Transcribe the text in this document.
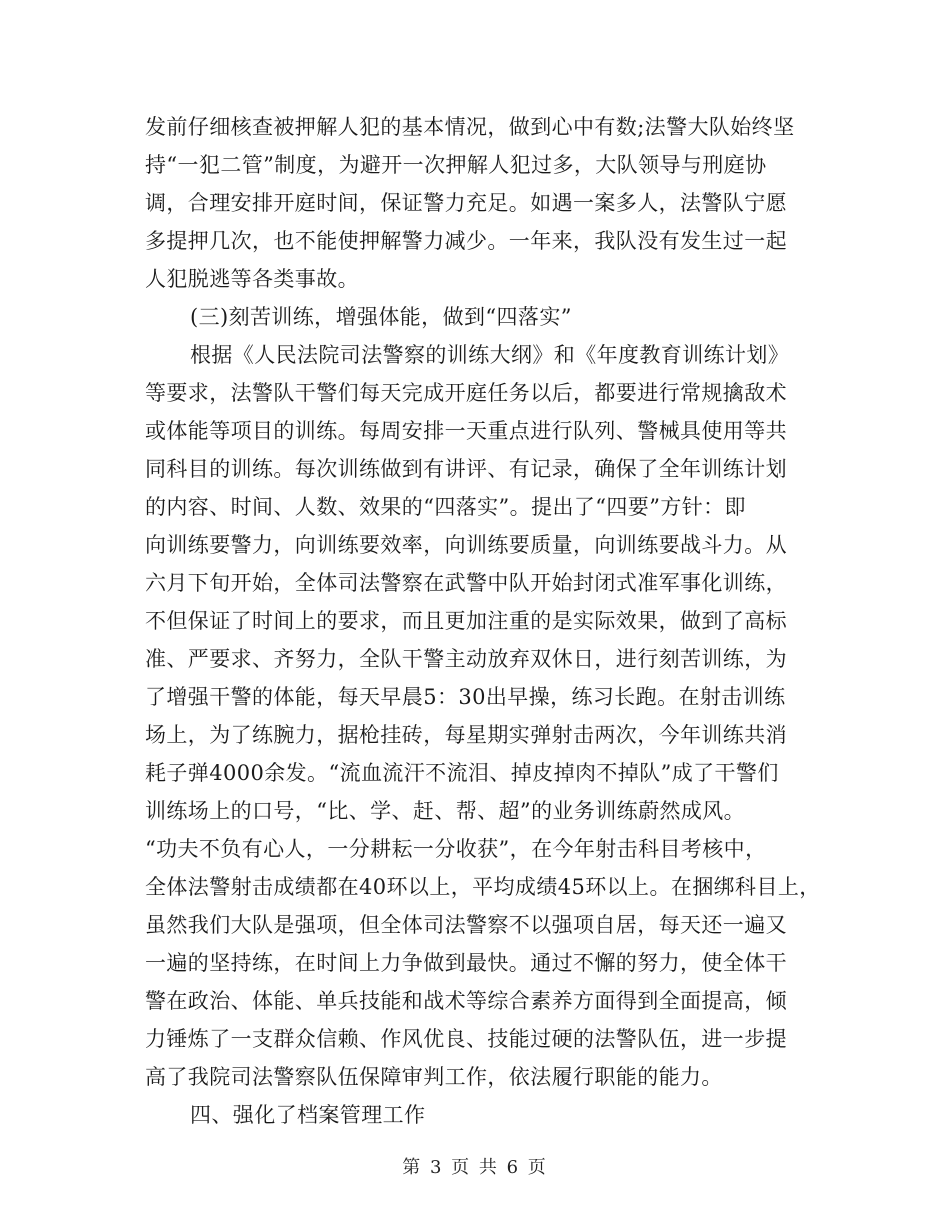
发前仔细核查被押解人犯的基本情况，做到心中有数;法警大队始终坚
持“一犯二管”制度，为避开一次押解人犯过多，大队领导与刑庭协
调，合理安排开庭时间，保证警力充足。如遇一案多人，法警队宁愿
多提押几次，也不能使押解警力减少。一年来，我队没有发生过一起
人犯脱逃等各类事故。
(三)刻苦训练，增强体能，做到“四落实”
根据《人民法院司法警察的训练大纲》和《年度教育训练计划》
等要求，法警队干警们每天完成开庭任务以后，都要进行常规擒敌术
或体能等项目的训练。每周安排一天重点进行队列、警械具使用等共
同科目的训练。每次训练做到有讲评、有记录，确保了全年训练计划
的内容、时间、人数、效果的“四落实”。提出了“四要”方针：即
向训练要警力，向训练要效率，向训练要质量，向训练要战斗力。从
六月下旬开始，全体司法警察在武警中队开始封闭式准军事化训练，
不但保证了时间上的要求，而且更加注重的是实际效果，做到了高标
准、严要求、齐努力，全队干警主动放弃双休日，进行刻苦训练，为
了增强干警的体能，每天早晨5：30出早操，练习长跑。在射击训练
场上，为了练腕力，据枪挂砖，每星期实弹射击两次，今年训练共消
耗子弹4000余发。“流血流汗不流泪、掉皮掉肉不掉队”成了干警们
训练场上的口号，“比、学、赶、帮、超”的业务训练蔚然成风。
“功夫不负有心人，一分耕耘一分收获”，在今年射击科目考核中，
全体法警射击成绩都在40环以上，平均成绩45环以上。在捆绑科目上，
虽然我们大队是强项，但全体司法警察不以强项自居，每天还一遍又
一遍的坚持练，在时间上力争做到最快。通过不懈的努力，使全体干
警在政治、体能、单兵技能和战术等综合素养方面得到全面提高，倾
力锤炼了一支群众信赖、作风优良、技能过硬的法警队伍，进一步提
高了我院司法警察队伍保障审判工作，依法履行职能的能力。
四、强化了档案管理工作
第 3 页 共 6 页
